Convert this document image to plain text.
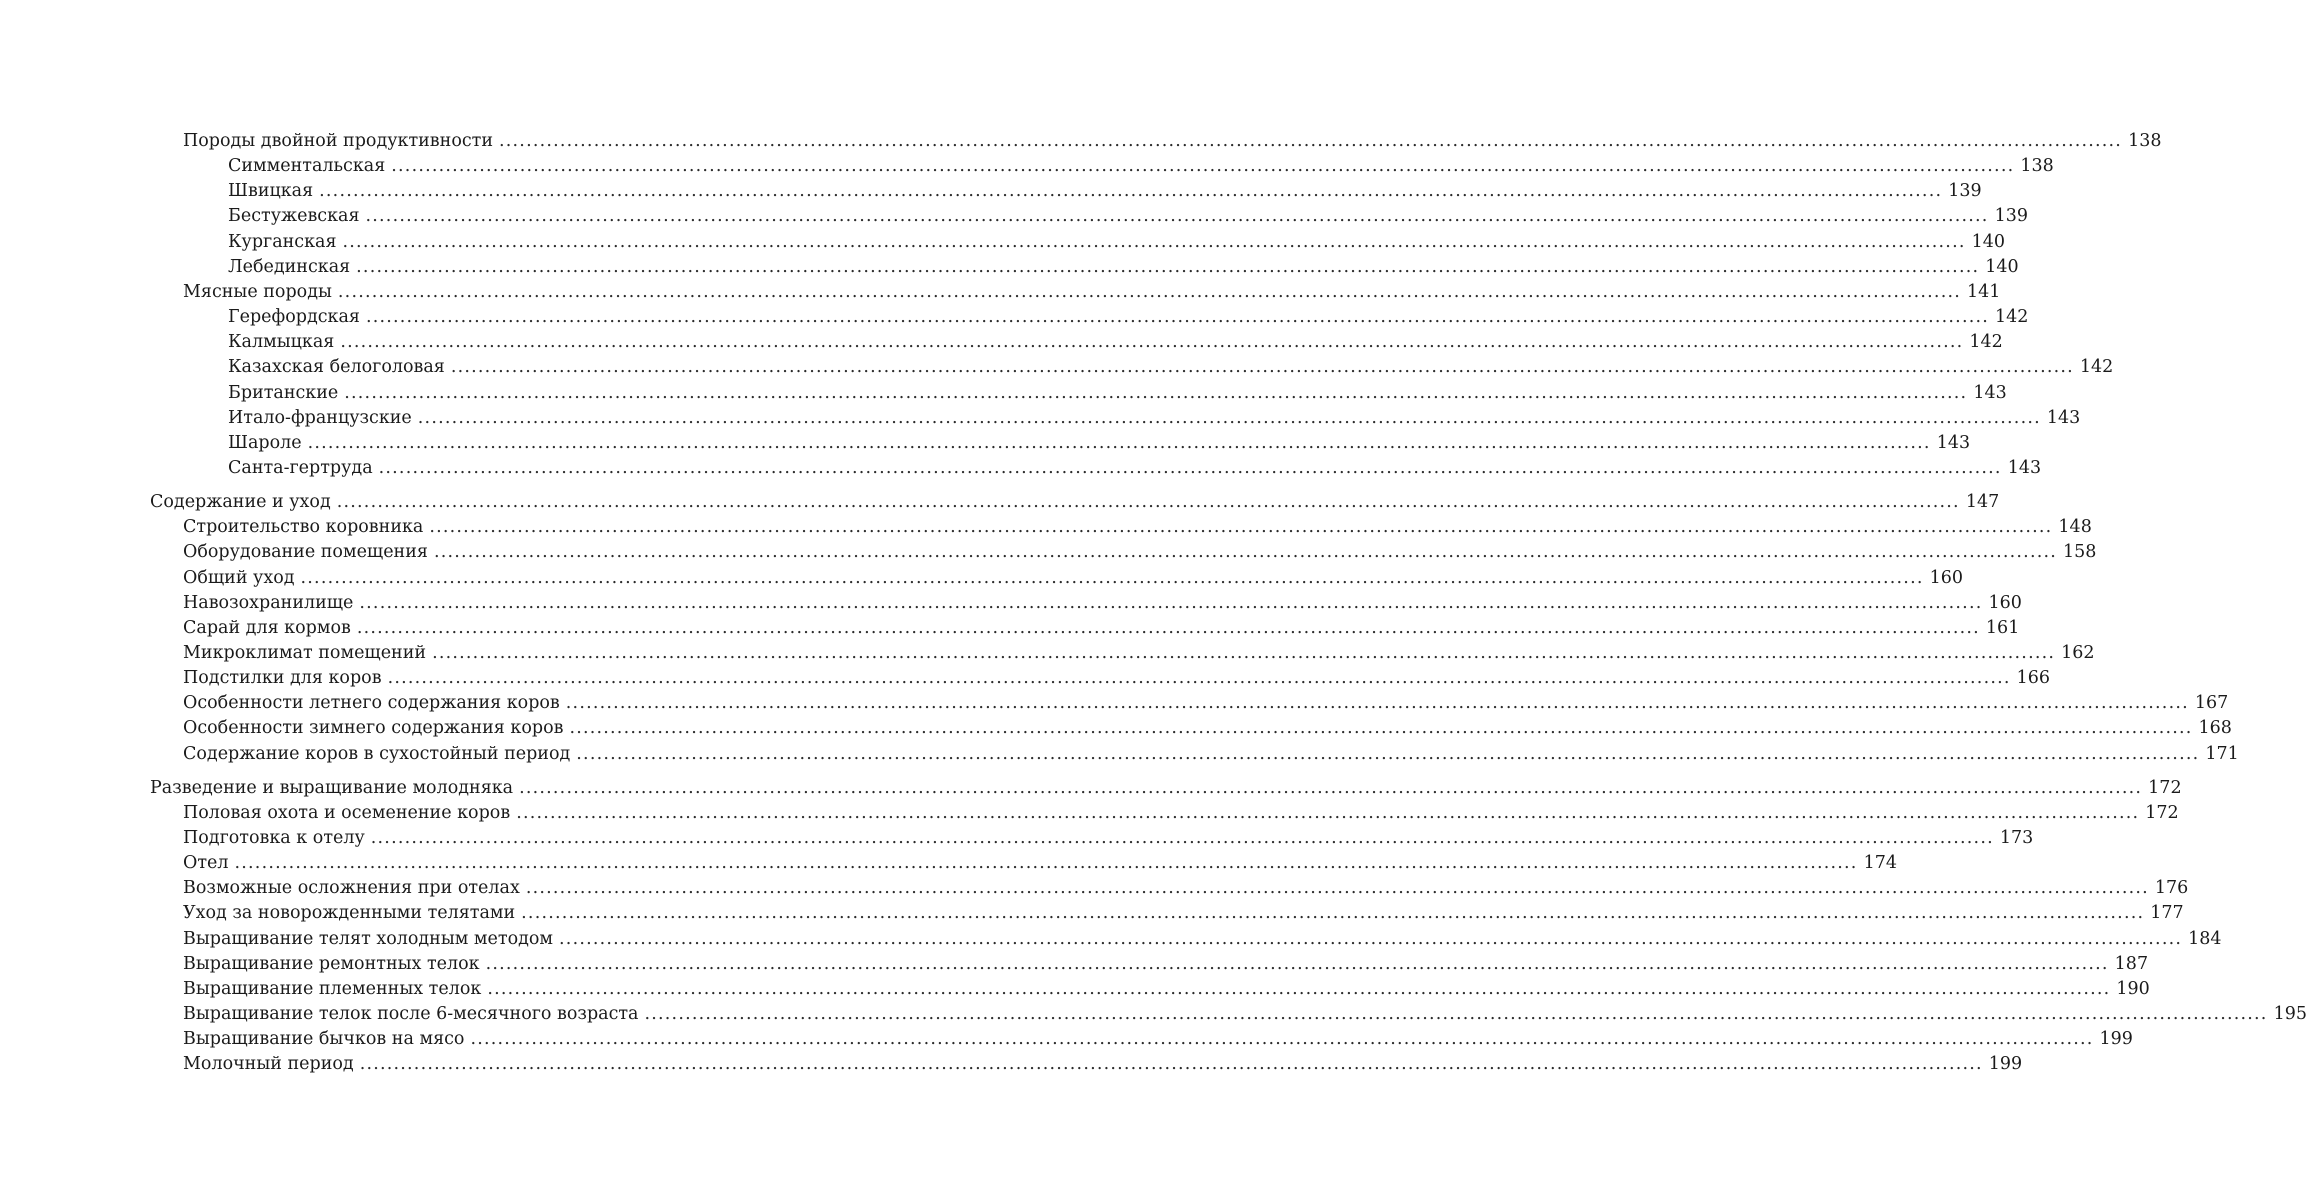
Породы двойной продуктивности ................................................................................................................................................................................................................................................ 138
Симментальская ................................................................................................................................................................................................................................................ 138
Швицкая ................................................................................................................................................................................................................................................ 139
Бестужевская ................................................................................................................................................................................................................................................ 139
Курганская ................................................................................................................................................................................................................................................ 140
Лебединская ................................................................................................................................................................................................................................................ 140
Мясные породы ................................................................................................................................................................................................................................................ 141
Герефордская ................................................................................................................................................................................................................................................ 142
Калмыцкая ................................................................................................................................................................................................................................................ 142
Казахская белоголовая ................................................................................................................................................................................................................................................ 142
Британские ................................................................................................................................................................................................................................................ 143
Итало-французские ................................................................................................................................................................................................................................................ 143
Шароле ................................................................................................................................................................................................................................................ 143
Санта-гертруда ................................................................................................................................................................................................................................................ 143
Содержание и уход ................................................................................................................................................................................................................................................ 147
Строительство коровника ................................................................................................................................................................................................................................................ 148
Оборудование помещения ................................................................................................................................................................................................................................................ 158
Общий уход ................................................................................................................................................................................................................................................ 160
Навозохранилище ................................................................................................................................................................................................................................................ 160
Сарай для кормов ................................................................................................................................................................................................................................................ 161
Микроклимат помещений ................................................................................................................................................................................................................................................ 162
Подстилки для коров ................................................................................................................................................................................................................................................ 166
Особенности летнего содержания коров ................................................................................................................................................................................................................................................ 167
Особенности зимнего содержания коров ................................................................................................................................................................................................................................................ 168
Содержание коров в сухостойный период ................................................................................................................................................................................................................................................ 171
Разведение и выращивание молодняка ................................................................................................................................................................................................................................................ 172
Половая охота и осеменение коров ................................................................................................................................................................................................................................................ 172
Подготовка к отелу ................................................................................................................................................................................................................................................ 173
Отел ................................................................................................................................................................................................................................................ 174
Возможные осложнения при отелах ................................................................................................................................................................................................................................................ 176
Уход за новорожденными телятами ................................................................................................................................................................................................................................................ 177
Выращивание телят холодным методом ................................................................................................................................................................................................................................................ 184
Выращивание ремонтных телок ................................................................................................................................................................................................................................................ 187
Выращивание племенных телок ................................................................................................................................................................................................................................................ 190
Выращивание телок после 6-месячного возраста ................................................................................................................................................................................................................................................ 195
Выращивание бычков на мясо ................................................................................................................................................................................................................................................ 199
Молочный период ................................................................................................................................................................................................................................................ 199
